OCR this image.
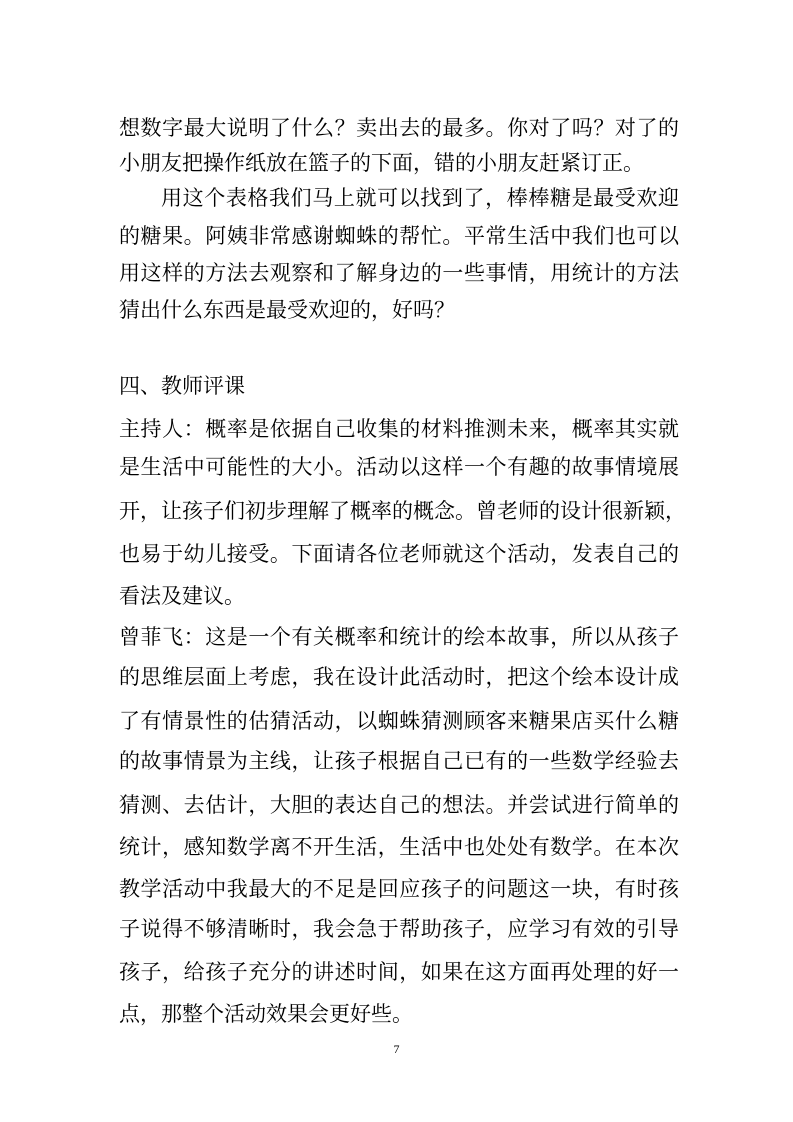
想数字最大说明了什么？卖出去的最多。你对了吗？对了的
小朋友把操作纸放在篮子的下面，错的小朋友赶紧订正。
用这个表格我们马上就可以找到了，棒棒糖是最受欢迎
的糖果。阿姨非常感谢蜘蛛的帮忙。平常生活中我们也可以
用这样的方法去观察和了解身边的一些事情，用统计的方法
猜出什么东西是最受欢迎的，好吗？
四、教师评课
主持人：概率是依据自己收集的材料推测未来，概率其实就
是生活中可能性的大小。活动以这样一个有趣的故事情境展
开，让孩子们初步理解了概率的概念。曾老师的设计很新颖，
也易于幼儿接受。下面请各位老师就这个活动，发表自己的
看法及建议。
曾菲飞：这是一个有关概率和统计的绘本故事，所以从孩子
的思维层面上考虑，我在设计此活动时，把这个绘本设计成
了有情景性的估猜活动，以蜘蛛猜测顾客来糖果店买什么糖
的故事情景为主线，让孩子根据自己已有的一些数学经验去
猜测、去估计，大胆的表达自己的想法。并尝试进行简单的
统计，感知数学离不开生活，生活中也处处有数学。在本次
教学活动中我最大的不足是回应孩子的问题这一块，有时孩
子说得不够清晰时，我会急于帮助孩子，应学习有效的引导
孩子，给孩子充分的讲述时间，如果在这方面再处理的好一
点，那整个活动效果会更好些。
7
